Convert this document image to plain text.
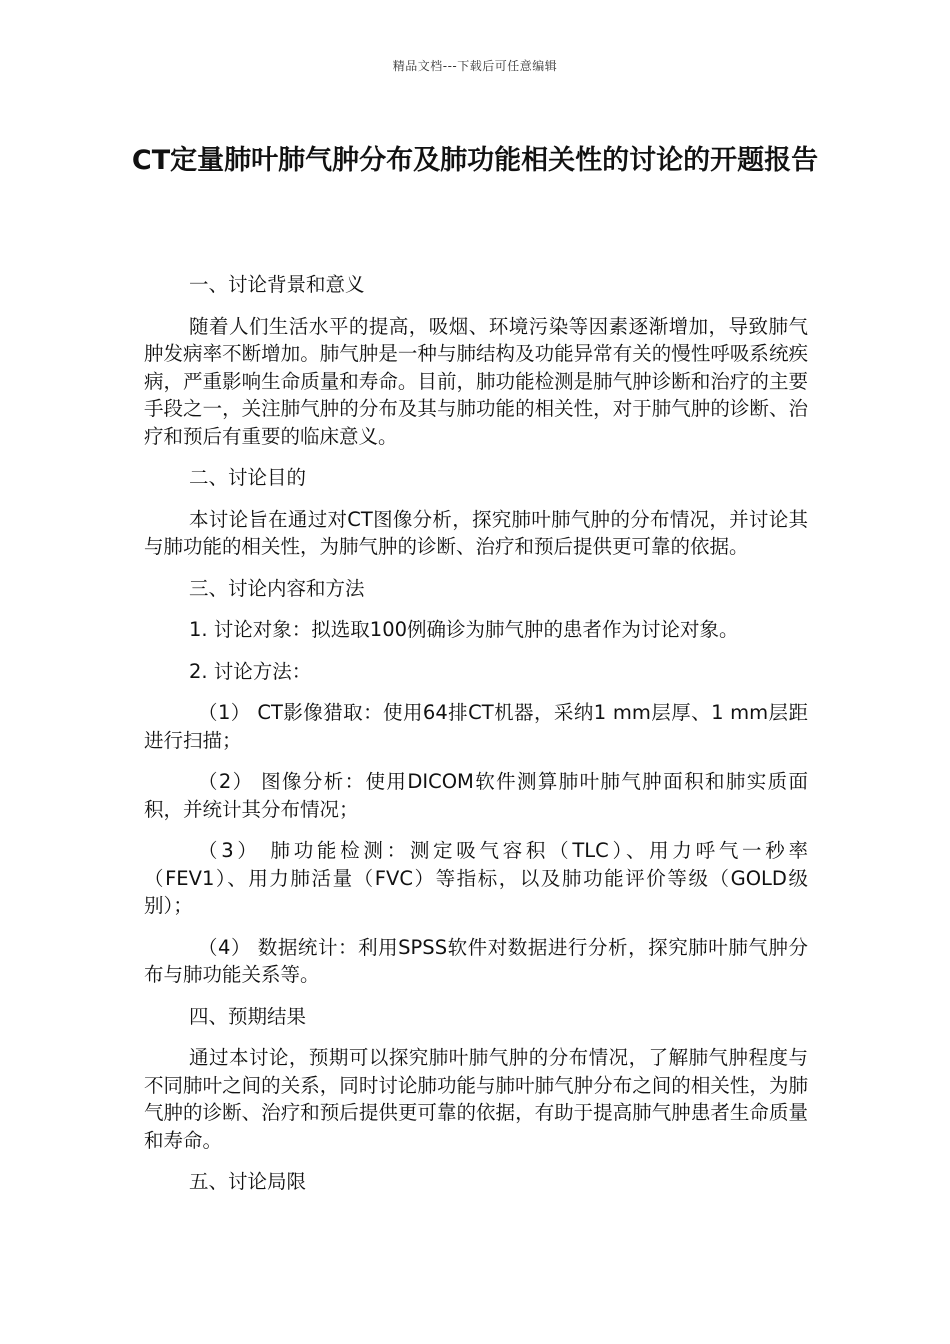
精品文档---下载后可任意编辑
CT定量肺叶肺气肿分布及肺功能相关性的讨论的开题报告

一、讨论背景和意义

随着人们生活水平的提高，吸烟、环境污染等因素逐渐增加，导致肺气肿发病率不断增加。肺气肿是一种与肺结构及功能异常有关的慢性呼吸系统疾病，严重影响生命质量和寿命。目前，肺功能检测是肺气肿诊断和治疗的主要手段之一，关注肺气肿的分布及其与肺功能的相关性，对于肺气肿的诊断、治疗和预后有重要的临床意义。

二、讨论目的

本讨论旨在通过对CT图像分析，探究肺叶肺气肿的分布情况，并讨论其与肺功能的相关性，为肺气肿的诊断、治疗和预后提供更可靠的依据。

三、讨论内容和方法

1. 讨论对象：拟选取100例确诊为肺气肿的患者作为讨论对象。

2. 讨论方法：

（1） CT影像猎取：使用64排CT机器，采纳1 mm层厚、1 mm层距进行扫描；

（2） 图像分析：使用DICOM软件测算肺叶肺气肿面积和肺实质面积，并统计其分布情况；

（3） 肺功能检测：测定吸气容积（TLC）、用力呼气一秒率（FEV1）、用力肺活量（FVC）等指标，以及肺功能评价等级（GOLD级别）；

（4） 数据统计：利用SPSS软件对数据进行分析，探究肺叶肺气肿分布与肺功能关系等。

四、预期结果

通过本讨论，预期可以探究肺叶肺气肿的分布情况，了解肺气肿程度与不同肺叶之间的关系，同时讨论肺功能与肺叶肺气肿分布之间的相关性，为肺气肿的诊断、治疗和预后提供更可靠的依据，有助于提高肺气肿患者生命质量和寿命。

五、讨论局限
